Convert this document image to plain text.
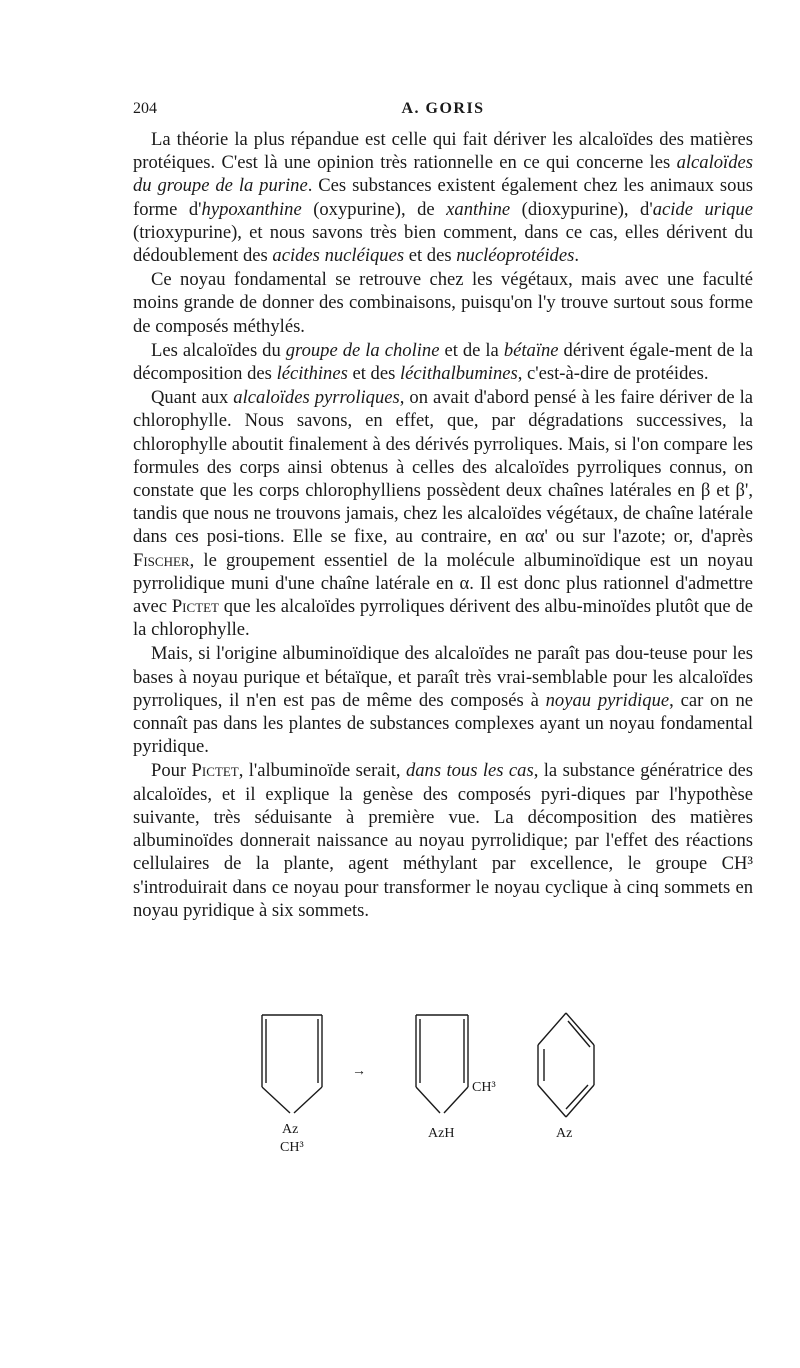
204	A. GORIS

La théorie la plus répandue est celle qui fait dériver les alcaloïdes des matières protéiques. C'est là une opinion très rationnelle en ce qui concerne les alcaloïdes du groupe de la purine. Ces substances existent également chez les animaux sous forme d'hypoxanthine (oxypurine), de xanthine (dioxypurine), d'acide urique (trioxypurine), et nous savons très bien comment, dans ce cas, elles dérivent du dédoublement des acides nucléiques et des nucléoprotéides.

Ce noyau fondamental se retrouve chez les végétaux, mais avec une faculté moins grande de donner des combinaisons, puisqu'on l'y trouve surtout sous forme de composés méthylés.

Les alcaloïdes du groupe de la choline et de la bétaïne dérivent égale-ment de la décomposition des lécithines et des lécithalbumines, c'est-à-dire de protéides.

Quant aux alcaloïdes pyrroliques, on avait d'abord pensé à les faire dériver de la chlorophylle. Nous savons, en effet, que, par dégradations successives, la chlorophylle aboutit finalement à des dérivés pyrroliques. Mais, si l'on compare les formules des corps ainsi obtenus à celles des alcaloïdes pyrroliques connus, on constate que les corps chlorophylliens possèdent deux chaînes latérales en β et β', tandis que nous ne trouvons jamais, chez les alcaloïdes végétaux, de chaîne latérale dans ces posi-tions. Elle se fixe, au contraire, en αα' ou sur l'azote; or, d'après Fischer, le groupement essentiel de la molécule albuminoïdique est un noyau pyrrolidique muni d'une chaîne latérale en α. Il est donc plus rationnel d'admettre avec Pictet que les alcaloïdes pyrroliques dérivent des albu-minoïdes plutôt que de la chlorophylle.

Mais, si l'origine albuminoïdique des alcaloïdes ne paraît pas dou-teuse pour les bases à noyau purique et bétaïque, et paraît très vrai-semblable pour les alcaloïdes pyrroliques, il n'en est pas de même des composés à noyau pyridique, car on ne connaît pas dans les plantes de substances complexes ayant un noyau fondamental pyridique.

Pour Pictet, l'albuminoïde serait, dans tous les cas, la substance génératrice des alcaloïdes, et il explique la genèse des composés pyri-diques par l'hypothèse suivante, très séduisante à première vue. La décomposition des matières albuminoïdes donnerait naissance au noyau pyrrolidique; par l'effet des réactions cellulaires de la plante, agent méthylant par excellence, le groupe CH³ s'introduirait dans ce noyau pour transformer le noyau cyclique à cinq sommets en noyau pyridique à six sommets.

→
Az
CH³
CH³
AzH	Az
